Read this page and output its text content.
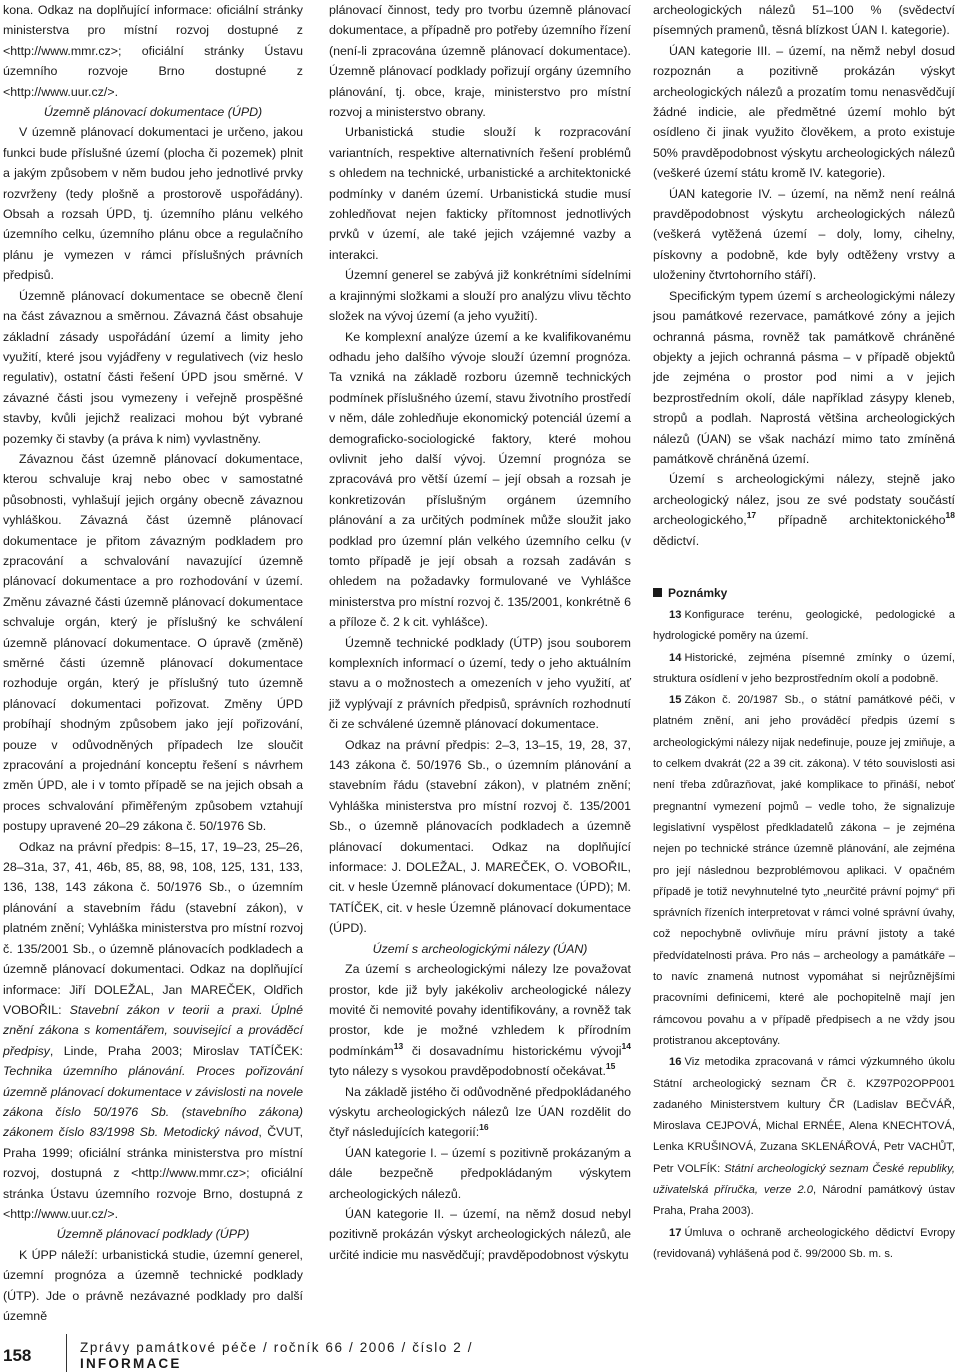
kona. Odkaz na doplňující informace: oficiální stránky ministerstva pro místní rozvoj dostupné z <http://www.mmr.cz>; oficiální stránky Ústavu územního rozvoje Brno dostupné z <http://www.uur.cz/>.

Územně plánovací dokumentace (ÚPD)

V územně plánovací dokumentaci je určeno, jakou funkci bude příslušné území (plocha či pozemek) plnit a jakým způsobem v něm budou jeho jednotlivé prvky rozvrženy (tedy plošně a prostorově uspořádány). Obsah a rozsah ÚPD, tj. územního plánu velkého územního celku, územního plánu obce a regulačního plánu je vymezen v rámci příslušných právních předpisů.

Územně plánovací dokumentace se obecně člení na část závaznou a směrnou. Závazná část obsahuje základní zásady uspořádání území a limity jeho využití, které jsou vyjádřeny v regulativech (viz heslo regulativ), ostatní části řešení ÚPD jsou směrné. V závazné části jsou vymezeny i veřejně prospěšné stavby, kvůli jejichž realizaci mohou být vybrané pozemky či stavby (a práva k nim) vyvlastněny.

Závaznou část územně plánovací dokumentace, kterou schvaluje kraj nebo obec v samostatné působnosti, vyhlašují jejich orgány obecně závaznou vyhláškou. Závazná část územně plánovací dokumentace je přitom závazným podkladem pro zpracování a schvalování navazující územně plánovací dokumentace a pro rozhodování v území. Změnu závazné části územně plánovací dokumentace schvaluje orgán, který je příslušný ke schválení územně plánovací dokumentace. O úpravě (změně) směrné části územně plánovací dokumentace rozhoduje orgán, který je příslušný tuto územně plánovací dokumentaci pořizovat. Změny ÚPD probíhají shodným způsobem jako její pořizování, pouze v odůvodněných případech lze sloučit zpracování a projednání konceptu řešení s návrhem změn ÚPD, ale i v tomto případě se na jejich obsah a proces schvalování přiměřeným způsobem vztahují postupy upravené 20–29 zákona č. 50/1976 Sb.

Odkaz na právní předpis: 8–15, 17, 19–23, 25–26, 28–31a, 37, 41, 46b, 85, 88, 98, 108, 125, 131, 133, 136, 138, 143 zákona č. 50/1976 Sb., o územním plánování a stavebním řádu (stavební zákon), v platném znění; Vyhláška ministerstva pro místní rozvoj č. 135/2001 Sb., o územně plánovacích podkladech a územně plánovací dokumentaci. Odkaz na doplňující informace: Jiří DOLEŽAL, Jan MAREČEK, Oldřich VOBOŘIL: Stavební zákon v teorii a praxi. Úplné znění zákona s komentářem, související a prováděcí předpisy, Linde, Praha 2003; Miroslav TATÍČEK: Technika územního plánování. Proces pořizování územně plánovací dokumentace v závislosti na novele zákona číslo 50/1976 Sb. (stavebního zákona) zákonem číslo 83/1998 Sb. Metodický návod, ČVUT, Praha 1999; oficiální stránka ministerstva pro místní rozvoj, dostupná z <http://www.mmr.cz>; oficiální stránka Ústavu územního rozvoje Brno, dostupná z <http://www.uur.cz/>.

Územně plánovací podklady (ÚPP)

K ÚPP náleží: urbanistická studie, územní generel, územní prognóza a územně technické podklady (ÚTP). Jde o právně nezávazné podklady pro další územně

plánovací činnost, tedy pro tvorbu územně plánovací dokumentace, a případně pro potřeby územního řízení (není-li zpracována územně plánovací dokumentace). Územně plánovací podklady pořizují orgány územního plánování, tj. obce, kraje, ministerstvo pro místní rozvoj a ministerstvo obrany.

Urbanistická studie slouží k rozpracování variantních, respektive alternativních řešení problémů s ohledem na technické, urbanistické a architektonické podmínky v daném území. Urbanistická studie musí zohledňovat nejen fakticky přítomnost jednotlivých prvků v území, ale také jejich vzájemné vazby a interakci.

Územní generel se zabývá již konkrétními sídelními a krajinnými složkami a slouží pro analýzu vlivu těchto složek na vývoj území (a jeho využití).

Ke komplexní analýze území a ke kvalifikovanému odhadu jeho dalšího vývoje slouží územní prognóza. Ta vzniká na základě rozboru územně technických podmínek příslušného území, stavu životního prostředí v něm, dále zohledňuje ekonomický potenciál území a demograficko-sociologické faktory, které mohou ovlivnit jeho další vývoj. Územní prognóza se zpracovává pro větší území – její obsah a rozsah je konkretizován příslušným orgánem územního plánování a za určitých podmínek může sloužit jako podklad pro územní plán velkého územního celku (v tomto případě je její obsah a rozsah zadáván s ohledem na požadavky formulované ve Vyhlášce ministerstva pro místní rozvoj č. 135/2001, konkrétně 6 a příloze č. 2 k cit. vyhlášce).

Územně technické podklady (ÚTP) jsou souborem komplexních informací o území, tedy o jeho aktuálním stavu a o možnostech a omezeních v jeho využití, ať již vyplývají z právních předpisů, správních rozhodnutí či ze schválené územně plánovací dokumentace.

Odkaz na právní předpis: 2–3, 13–15, 19, 28, 37, 143 zákona č. 50/1976 Sb., o územním plánování a stavebním řádu (stavební zákon), v platném znění; Vyhláška ministerstva pro místní rozvoj č. 135/2001 Sb., o územně plánovacích podkladech a územně plánovací dokumentaci. Odkaz na doplňující informace: J. DOLEŽAL, J. MAREČEK, O. VOBOŘIL, cit. v hesle Územně plánovací dokumentace (ÚPD); M. TATÍČEK, cit. v hesle Územně plánovací dokumentace (ÚPD).

Území s archeologickými nálezy (ÚAN)

Za území s archeologickými nálezy lze považovat prostor, kde již byly jakékoliv archeologické nálezy movité či nemovité povahy identifikovány, a rovněž tak prostor, kde je možné vzhledem k přírodním podmínkám$^{13}$ či dosavadnímu historickému vývoji$^{14}$ tyto nálezy s vysokou pravděpodobností očekávat.$^{15}$

Na základě jistého či odůvodněné předpokládaného výskytu archeologických nálezů lze ÚAN rozdělit do čtyř následujících kategorií:$^{16}$

ÚAN kategorie I. – území s pozitivně prokázaným a dále bezpečně předpokládaným výskytem archeologických nálezů.

ÚAN kategorie II. – území, na němž dosud nebyl pozitivně prokázán výskyt archeologických nálezů, ale určité indicie mu nasvědčují; pravděpodobnost výskytu

archeologických nálezů 51–100 % (svědectví písemných pramenů, těsná blízkost ÚAN I. kategorie).

ÚAN kategorie III. – území, na němž nebyl dosud rozpoznán a pozitivně prokázán výskyt archeologických nálezů a prozatím tomu nenasvědčují žádné indicie, ale předmětné území mohlo být osídleno či jinak využito člověkem, a proto existuje 50% pravděpodobnost výskytu archeologických nálezů (veškeré území státu kromě IV. kategorie).

ÚAN kategorie IV. – území, na němž není reálná pravděpodobnost výskytu archeologických nálezů (veškerá vytěžená území – doly, lomy, cihelny, pískovny a podobně, kde byly odtěženy vrstvy a uloženiny čtvrtohorního stáří).

Specifickým typem území s archeologickými nálezy jsou památkové rezervace, památkové zóny a jejich ochranná pásma, rovněž tak památkově chráněné objekty a jejich ochranná pásma – v případě objektů jde zejména o prostor pod nimi a v jejich bezprostředním okolí, dále například zásypy kleneb, stropů a podlah. Naprostá většina archeologických nálezů (ÚAN) se však nachází mimo tato zmíněná památkově chráněná území.

Území s archeologickými nálezy, stejně jako archeologický nález, jsou ze své podstaty součástí archeologického,$^{17}$ případně architektonického$^{18}$ dědictví.

Poznámky

13 Konfigurace terénu, geologické, pedologické a hydrologické poměry na území.

14 Historické, zejména písemné zmínky o území, struktura osídlení v jeho bezprostředním okolí a podobně.

15 Zákon č. 20/1987 Sb., o státní památkové péči, v platném znění, ani jeho prováděcí předpis území s archeologickými nálezy nijak nedefinuje, pouze jej zmiňuje, a to celkem dvakrát (22 a 39 cit. zákona). V této souvislosti asi není třeba zdůrazňovat, jaké komplikace to přináší, neboť pregnantní vymezení pojmů – vedle toho, že signalizuje legislativní vyspělost předkladatelů zákona – je zejména nejen po technické stránce územně plánování, ale zejména pro její následnou bezproblémovou aplikaci. V opačném případě je totiž nevyhnutelné tyto „neurčité právní pojmy“ při správních řízeních interpretovat v rámci volné správní úvahy, což nepochybně ovlivňuje míru právní jistoty a také předvídatelnosti práva. Pro nás – archeology a památkáře – to navíc znamená nutnost vypomáhat si nejrůznějšími pracovními definicemi, které ale pochopitelně mají jen rámcovou povahu a v případě předpisech a ne vždy jsou protistranou akceptovány.

16 Viz metodika zpracovaná v rámci výzkumného úkolu Státní archeologický seznam ČR č. KZ97P02OPP001 zadaného Ministerstvem kultury ČR (Ladislav BEČVÁŘ, Miroslava CEJPOVÁ, Michal ERNÉE, Alena KNECHTOVÁ, Lenka KRUŠINOVÁ, Zuzana SKLENÁŘOVÁ, Petr VACHŮT, Petr VOLFÍK: Státní archeologický seznam České republiky, uživatelská příručka, verze 2.0, Národní památkový ústav Praha, Praha 2003).

17 Úmluva o ochraně archeologického dědictví Evropy (revidovaná) vyhlášená pod č. 99/2000 Sb. m. s.

158	Zprávy památkové péče / ročník 66 / 2006 / číslo 2 /
INFORMACE
